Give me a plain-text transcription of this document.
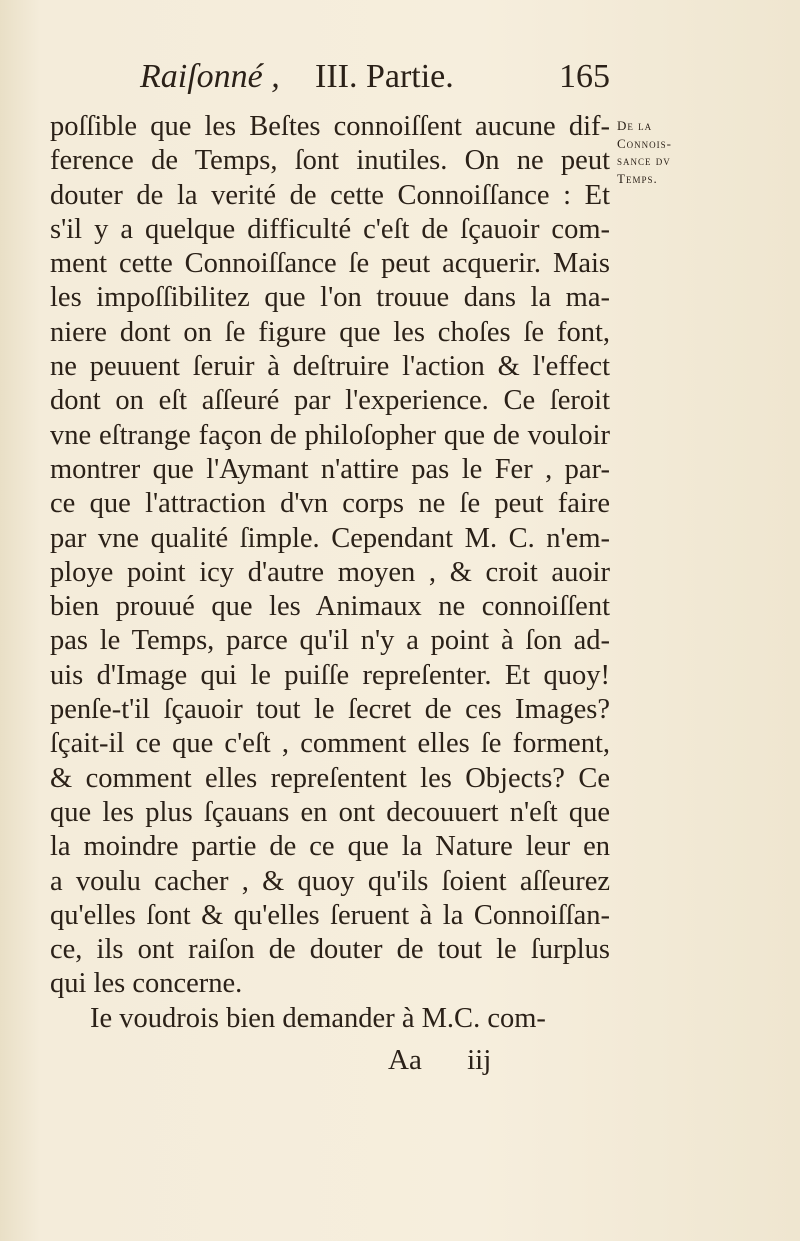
Raiſonné , III. Partie.	165
De la
Connois-
sance dv
Temps.
poſſible que les Beſtes connoiſſent aucune dif-
ference de Temps, ſont inutiles. On ne peut
douter de la verité de cette Connoiſſance : Et
s'il y a quelque difficulté c'eſt de ſçauoir com-
ment cette Connoiſſance ſe peut acquerir. Mais
les impoſſibilitez que l'on trouue dans la ma-
niere dont on ſe figure que les choſes ſe font,
ne peuuent ſeruir à deſtruire l'action & l'effect
dont on eſt aſſeuré par l'experience. Ce ſeroit
vne eſtrange façon de philoſopher que de vouloir
montrer que l'Aymant n'attire pas le Fer , par-
ce que l'attraction d'vn corps ne ſe peut faire
par vne qualité ſimple. Cependant M. C. n'em-
ploye point icy d'autre moyen , & croit auoir
bien prouué que les Animaux ne connoiſſent
pas le Temps, parce qu'il n'y a point à ſon ad-
uis d'Image qui le puiſſe repreſenter. Et quoy!
penſe-t'il ſçauoir tout le ſecret de ces Images?
ſçait-il ce que c'eſt , comment elles ſe forment,
& comment elles repreſentent les Objects? Ce
que les plus ſçauans en ont decouuert n'eſt que
la moindre partie de ce que la Nature leur en
a voulu cacher , & quoy qu'ils ſoient aſſeurez
qu'elles ſont & qu'elles ſeruent à la Connoiſſan-
ce, ils ont raiſon de douter de tout le ſurplus
qui les concerne.
Ie voudrois bien demander à M.C. com-
Aa iij
